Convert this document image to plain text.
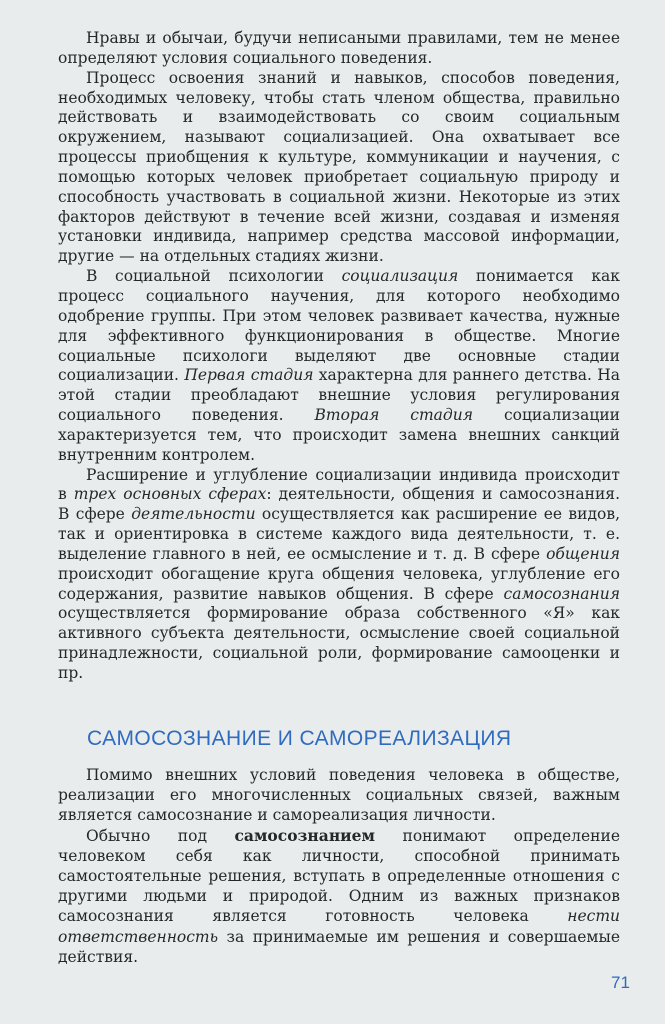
Нравы и обычаи, будучи неписаными правилами, тем не менее определяют условия социального поведения.

Процесс освоения знаний и навыков, способов поведения, необходимых человеку, чтобы стать членом общества, правильно действовать и взаимодействовать со своим социальным окружением, называют социализацией. Она охватывает все процессы приобщения к культуре, коммуникации и научения, с помощью которых человек приобретает социальную природу и способность участвовать в социальной жизни. Некоторые из этих факторов действуют в течение всей жизни, создавая и изменяя установки индивида, например средства массовой информации, другие — на отдельных стадиях жизни.

В социальной психологии социализация понимается как процесс социального научения, для которого необходимо одобрение группы. При этом человек развивает качества, нужные для эффективного функционирования в обществе. Многие социальные психологи выделяют две основные стадии социализации. Первая стадия характерна для раннего детства. На этой стадии преобладают внешние условия регулирования социального поведения. Вторая стадия социализации характеризуется тем, что происходит замена внешних санкций внутренним контролем.

Расширение и углубление социализации индивида происходит в трех основных сферах: деятельности, общения и самосознания. В сфере деятельности осуществляется как расширение ее видов, так и ориентировка в системе каждого вида деятельности, т. е. выделение главного в ней, ее осмысление и т. д. В сфере общения происходит обогащение круга общения человека, углубление его содержания, развитие навыков общения. В сфере самосознания осуществляется формирование образа собственного «Я» как активного субъекта деятельности, осмысление своей социальной принадлежности, социальной роли, формирование самооценки и пр.

САМОСОЗНАНИЕ И САМОРЕАЛИЗАЦИЯ

Помимо внешних условий поведения человека в обществе, реализации его многочисленных социальных связей, важным является самосознание и самореализация личности.

Обычно под самосознанием понимают определение человеком себя как личности, способной принимать самостоятельные решения, вступать в определенные отношения с другими людьми и природой. Одним из важных признаков самосознания является готовность человека нести ответственность за принимаемые им решения и совершаемые действия.

71
